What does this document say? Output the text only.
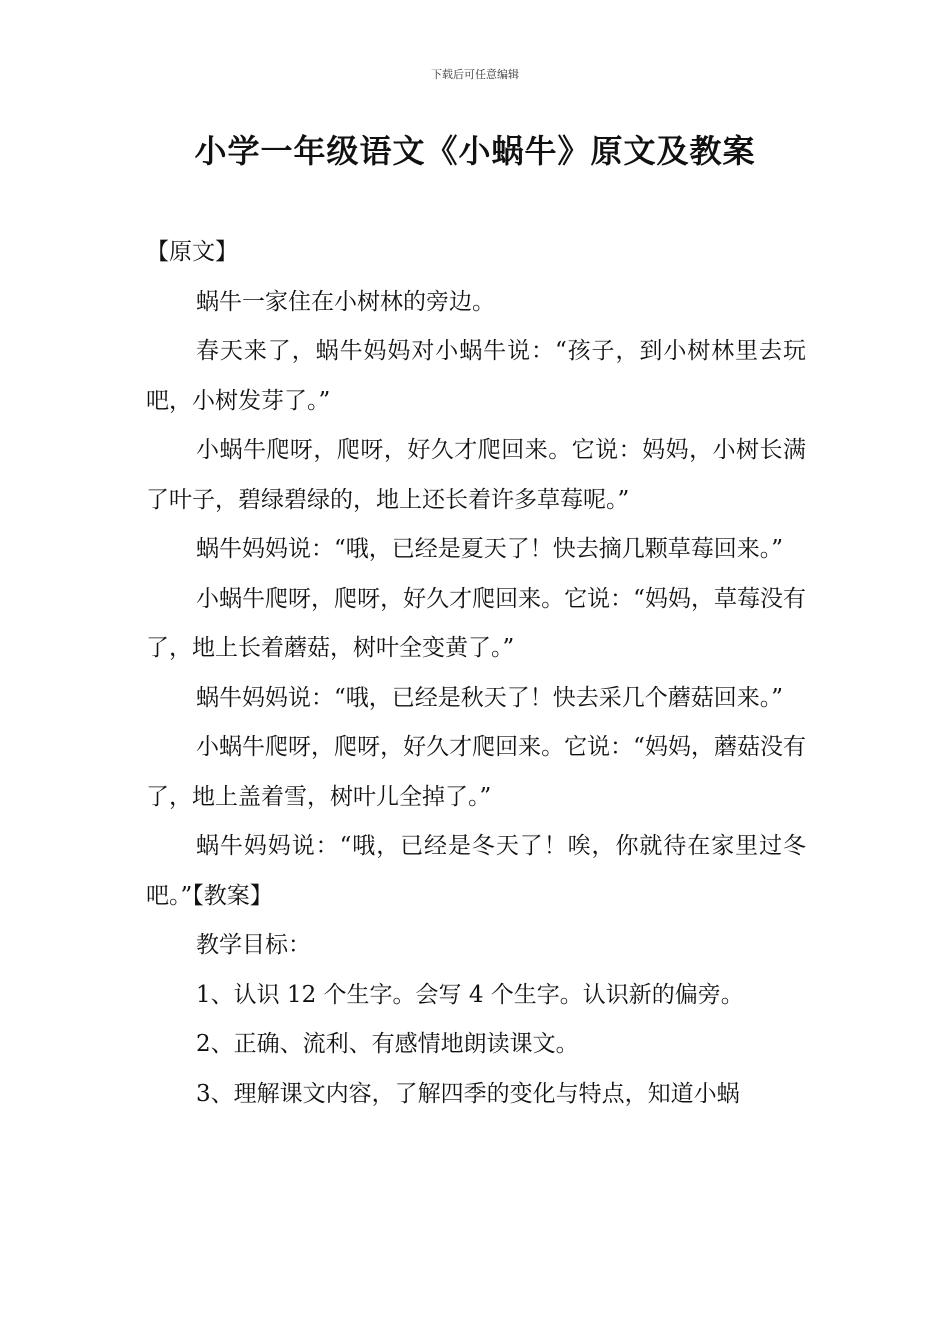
下载后可任意编辑
小学一年级语文《小蜗牛》原文及教案

【原文】

蜗牛一家住在小树林的旁边。

春天来了，蜗牛妈妈对小蜗牛说：“孩子，到小树林里去玩吧，小树发芽了。”

小蜗牛爬呀，爬呀，好久才爬回来。它说：妈妈，小树长满了叶子，碧绿碧绿的，地上还长着许多草莓呢。”

蜗牛妈妈说：“哦，已经是夏天了！快去摘几颗草莓回来。”

小蜗牛爬呀，爬呀，好久才爬回来。它说：“妈妈，草莓没有了，地上长着蘑菇，树叶全变黄了。”

蜗牛妈妈说：“哦，已经是秋天了！快去采几个蘑菇回来。”

小蜗牛爬呀，爬呀，好久才爬回来。它说：“妈妈，蘑菇没有了，地上盖着雪，树叶儿全掉了。”

蜗牛妈妈说：“哦，已经是冬天了！唉，你就待在家里过冬吧。”【教案】

教学目标：

1、认识 12 个生字。会写 4 个生字。认识新的偏旁。

2、正确、流利、有感情地朗读课文。

3、理解课文内容，了解四季的变化与特点，知道小蜗
